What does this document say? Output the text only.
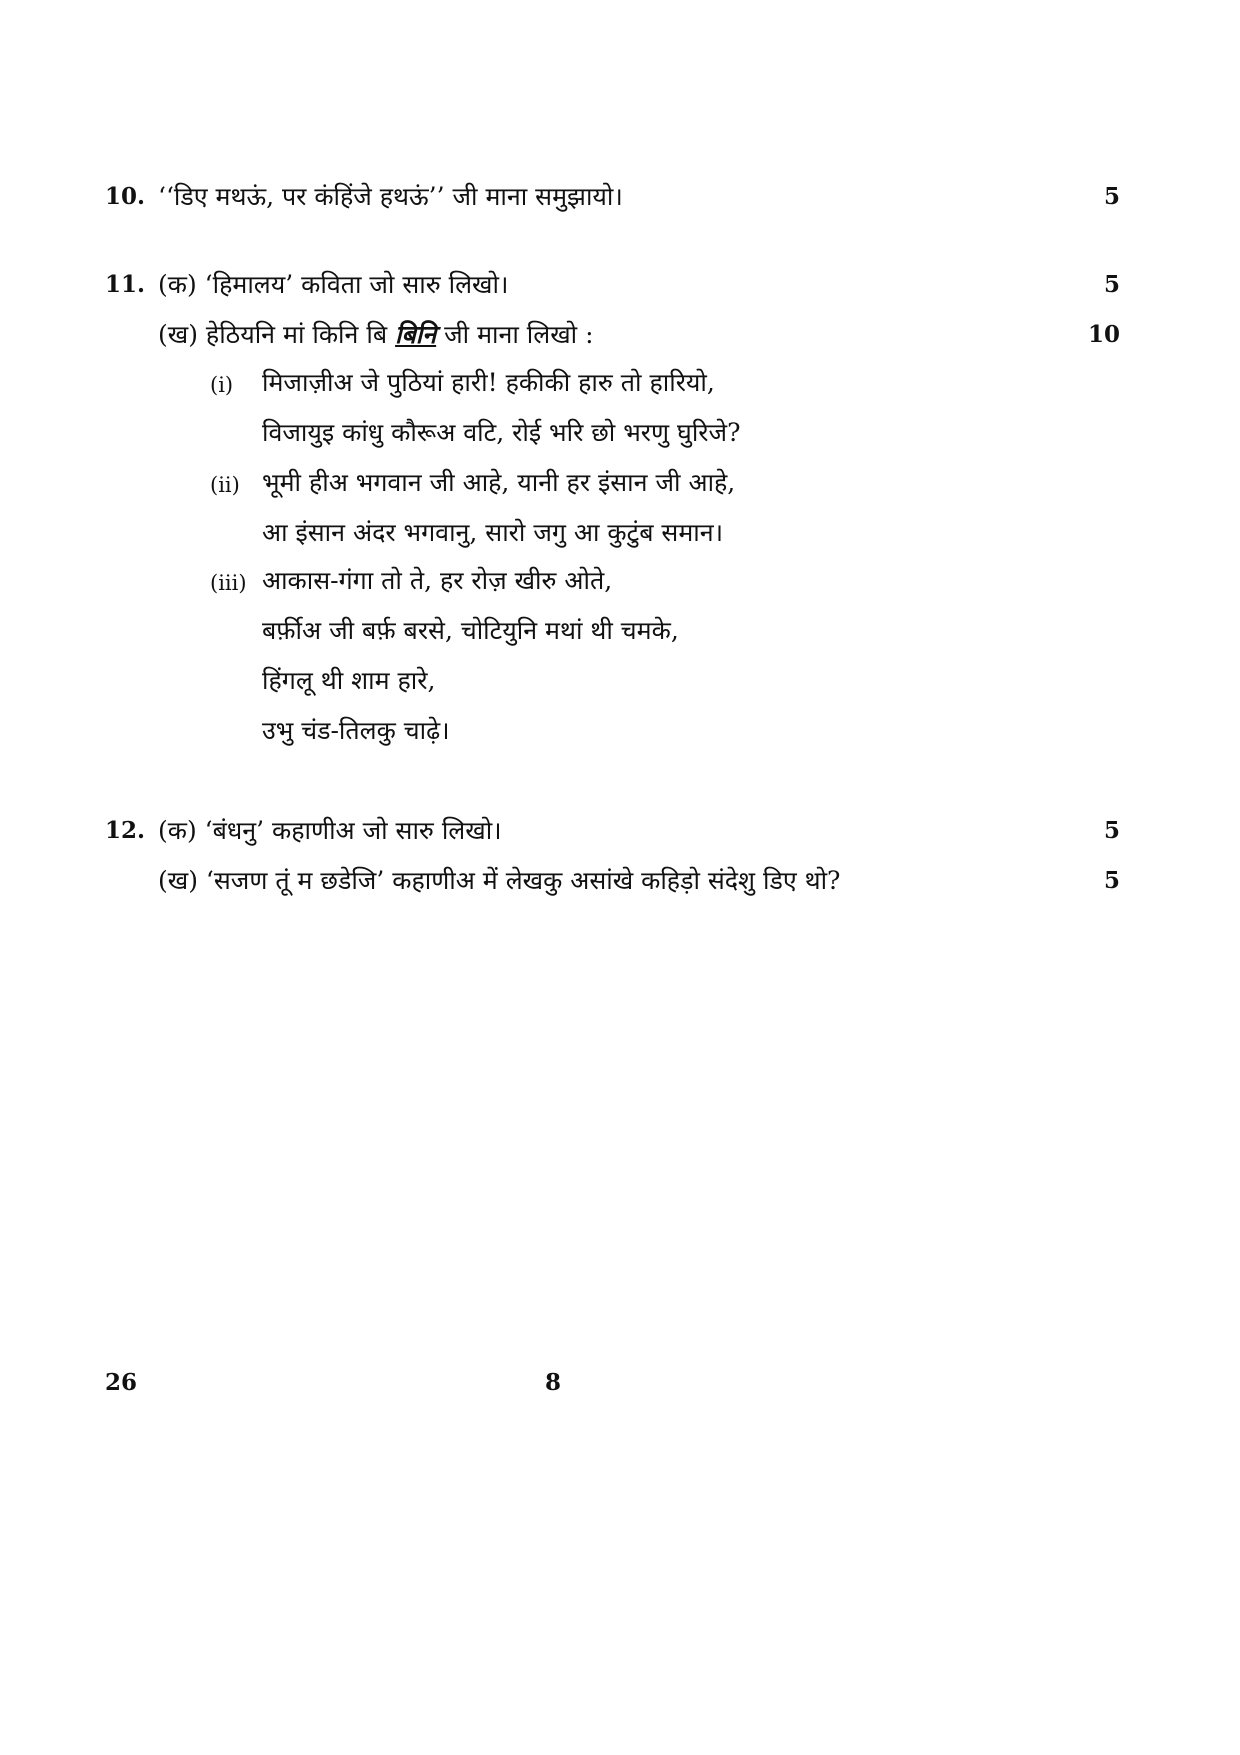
10. ‘‘डिए मथऊं, पर कंहिंजे हथऊं’’ जी माना समुझायो।	5
11. (क) ‘हिमालय’ कविता जो सारु लिखो।	5
(ख) हेठियनि मां किनि बि बिनि जी माना लिखो :	10
(i) मिजाज़ीअ जे पुठियां हारी! हकीकी हारु तो हारियो,
विजायुइ कांधु कौरूअ वटि, रोई भरि छो भरणु घुरिजे?
(ii) भूमी हीअ भगवान जी आहे, यानी हर इंसान जी आहे,
आ इंसान अंदर भगवानु, सारो जगु आ कुटुंब समान।
(iii) आकास-गंगा तो ते, हर रोज़ खीरु ओते,
बर्फ़ीअ जी बर्फ़ बरसे, चोटियुनि मथां थी चमके,
हिंगलू थी शाम हारे,
उभु चंड-तिलकु चाढ़े।
12. (क) ‘बंधनु’ कहाणीअ जो सारु लिखो।	5
(ख) ‘सजण तूं म छडेजि’ कहाणीअ में लेखकु असांखे कहिड़ो संदेशु डिए थो?	5
26	8
